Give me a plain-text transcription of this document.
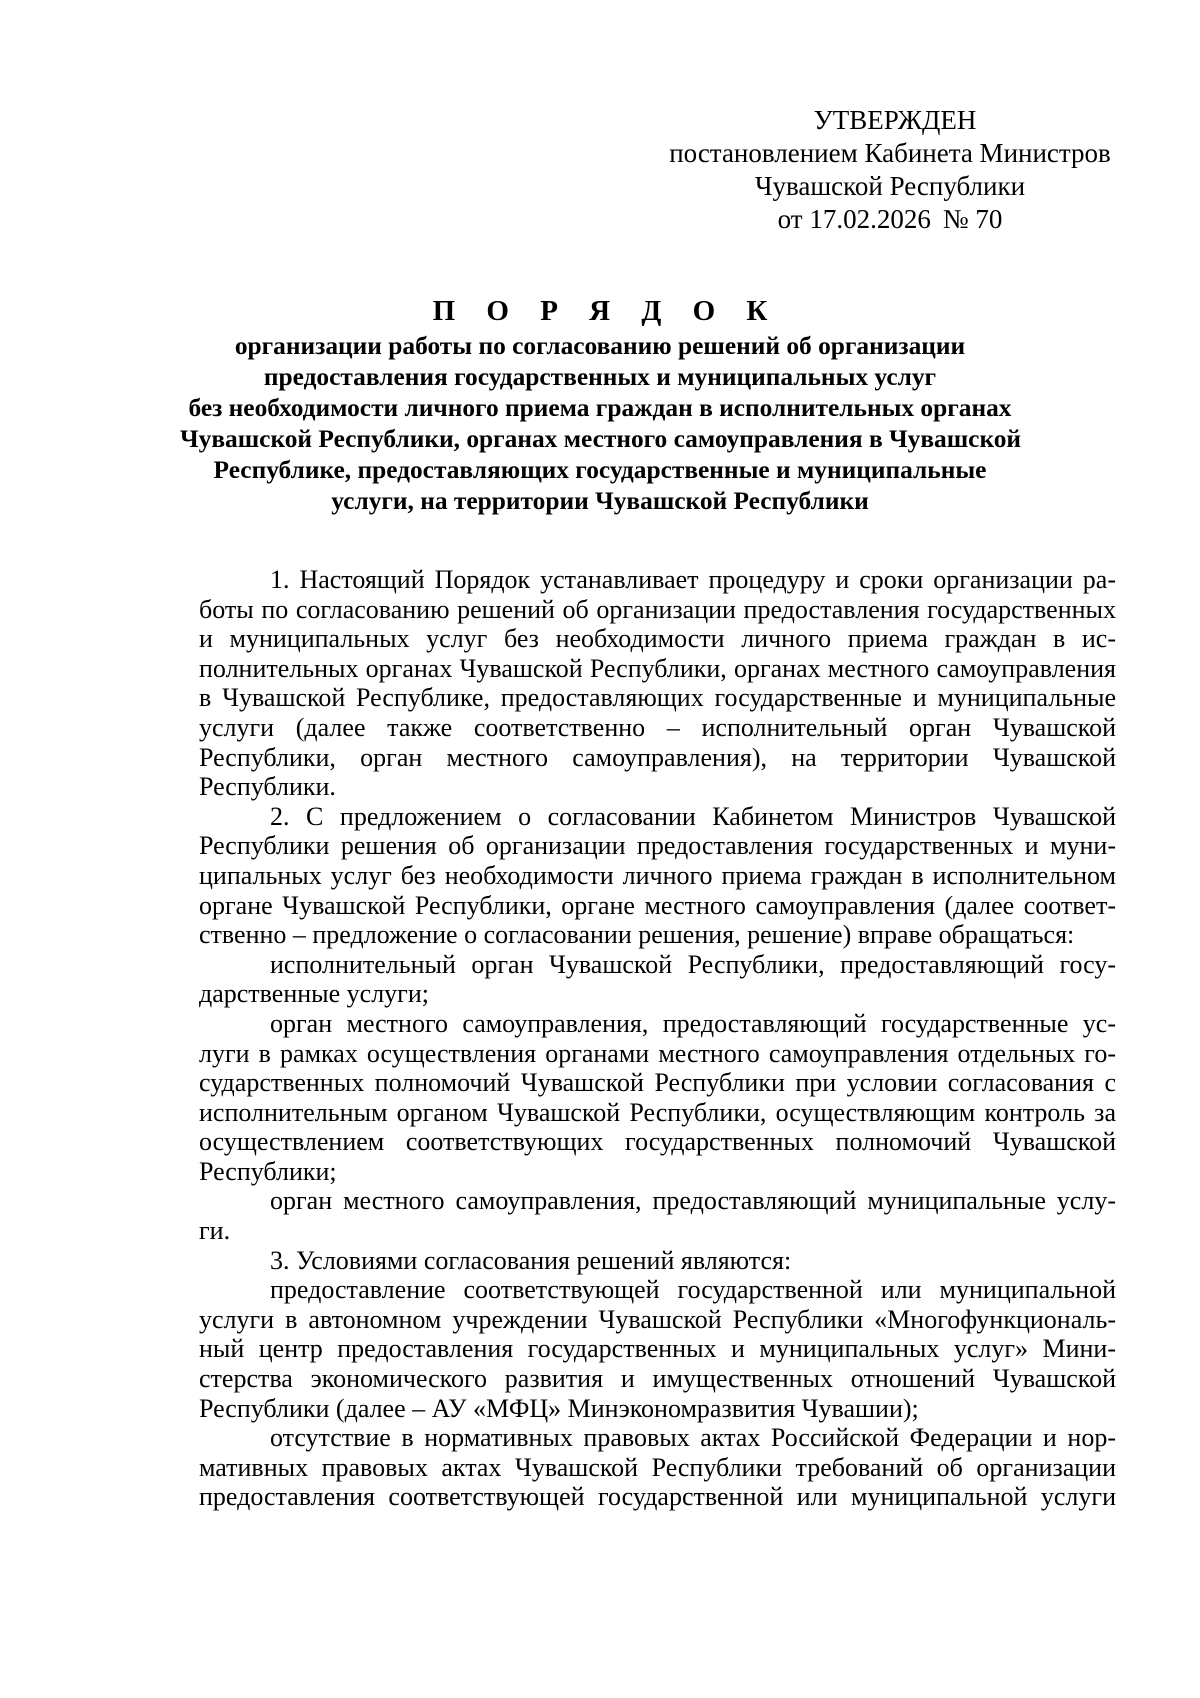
УТВЕРЖДЕН
постановлением Кабинета Министров
Чувашской Республики
от 17.02.2026 № 70
П О Р Я Д О К
организации работы по согласованию решений об организации
предоставления государственных и муниципальных услуг
без необходимости личного приема граждан в исполнительных органах
Чувашской Республики, органах местного самоуправления в Чувашской
Республике, предоставляющих государственные и муниципальные
услуги, на территории Чувашской Республики

1. Настоящий Порядок устанавливает процедуру и сроки организации работы по согласованию решений об организации предоставления государственных и муниципальных услуг без необходимости личного приема граждан в исполнительных органах Чувашской Республики, органах местного самоуправления в Чувашской Республике, предоставляющих государственные и муниципальные услуги (далее также соответственно – исполнительный орган Чувашской Республики, орган местного самоуправления), на территории Чувашской Республики.

2. С предложением о согласовании Кабинетом Министров Чувашской Республики решения об организации предоставления государственных и муниципальных услуг без необходимости личного приема граждан в исполнительном органе Чувашской Республики, органе местного самоуправления (далее соответственно – предложение о согласовании решения, решение) вправе обращаться:

исполнительный орган Чувашской Республики, предоставляющий государственные услуги;

орган местного самоуправления, предоставляющий государственные услуги в рамках осуществления органами местного самоуправления отдельных государственных полномочий Чувашской Республики при условии согласования с исполнительным органом Чувашской Республики, осуществляющим контроль за осуществлением соответствующих государственных полномочий Чувашской Республики;

орган местного самоуправления, предоставляющий муниципальные услуги.

3. Условиями согласования решений являются:

предоставление соответствующей государственной или муниципальной услуги в автономном учреждении Чувашской Республики «Многофункциональный центр предоставления государственных и муниципальных услуг» Министерства экономического развития и имущественных отношений Чувашской Республики (далее – АУ «МФЦ» Минэкономразвития Чувашии);

отсутствие в нормативных правовых актах Российской Федерации и нормативных правовых актах Чувашской Республики требований об организации предоставления соответствующей государственной или муниципальной услуги
